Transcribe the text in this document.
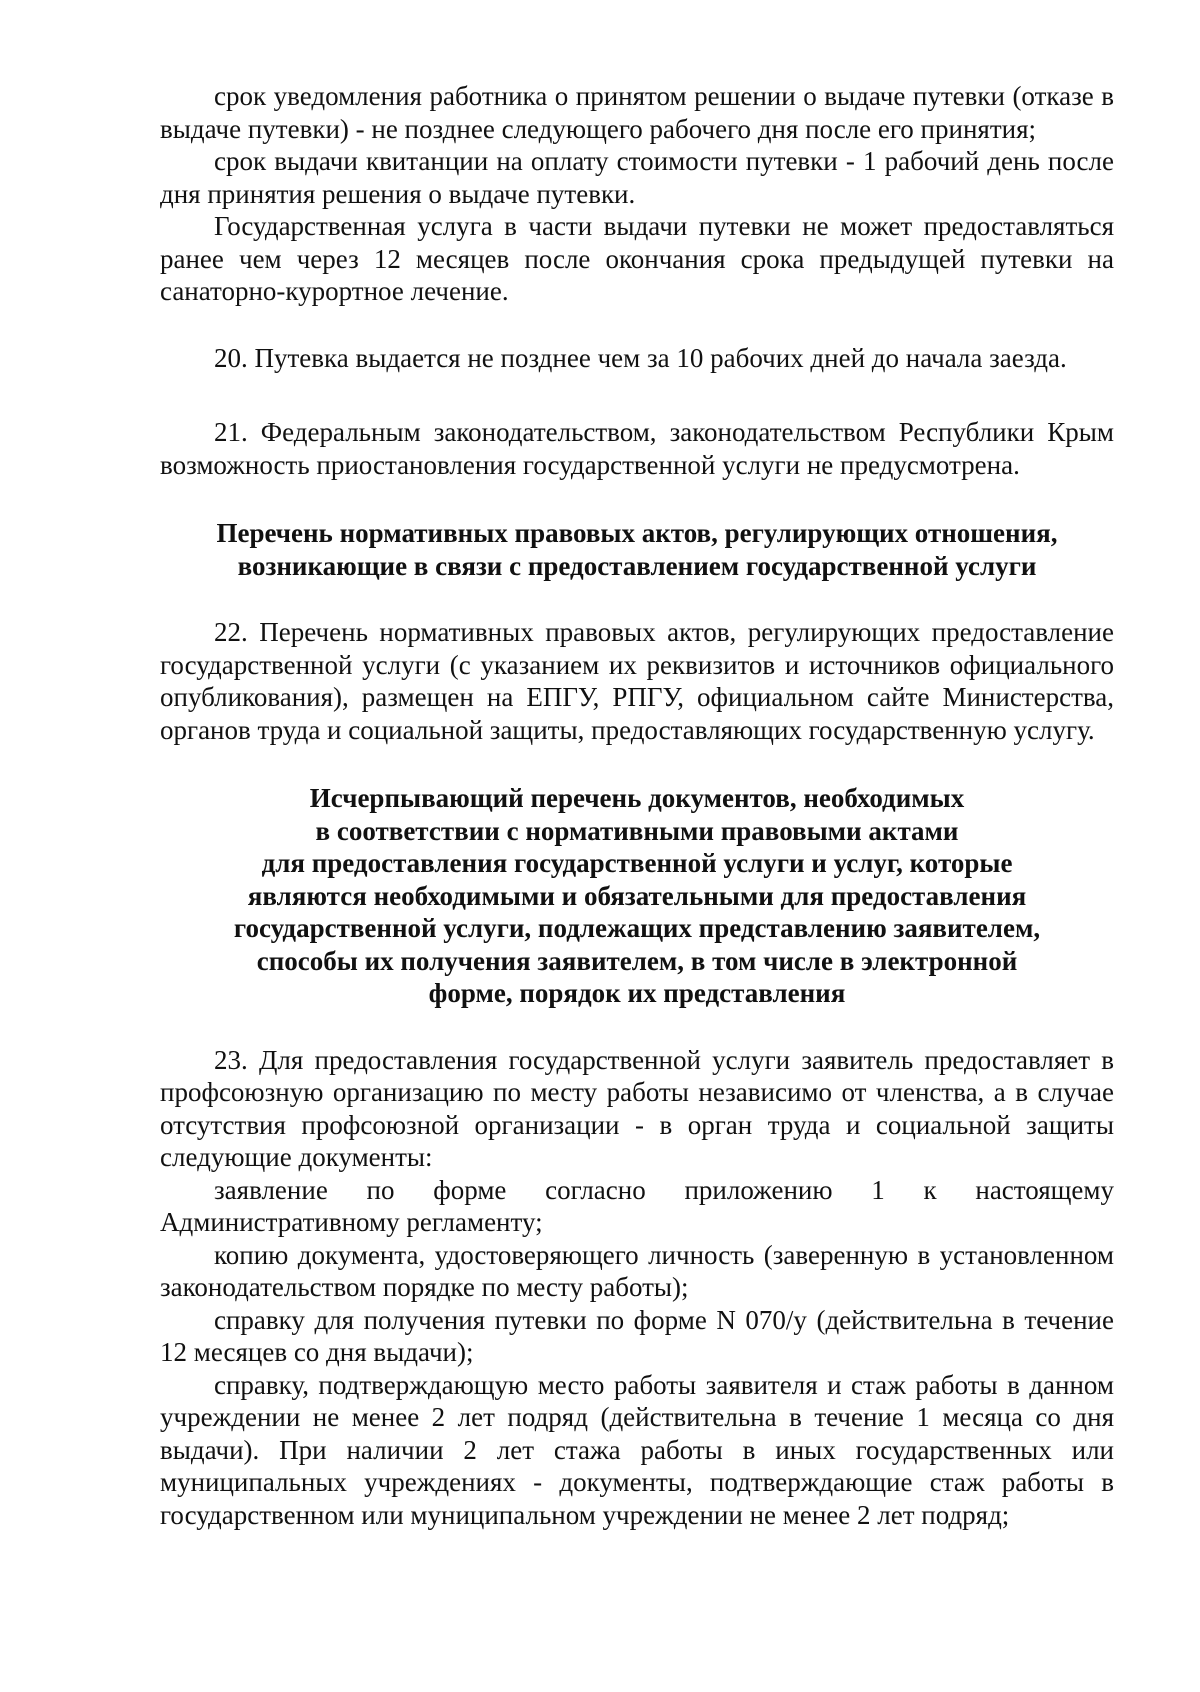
срок уведомления работника о принятом решении о выдаче путевки (отказе в выдаче путевки) - не позднее следующего рабочего дня после его принятия;

срок выдачи квитанции на оплату стоимости путевки - 1 рабочий день после дня принятия решения о выдаче путевки.

Государственная услуга в части выдачи путевки не может предоставляться ранее чем через 12 месяцев после окончания срока предыдущей путевки на санаторно-курортное лечение.

20. Путевка выдается не позднее чем за 10 рабочих дней до начала заезда.

21. Федеральным законодательством, законодательством Республики Крым возможность приостановления государственной услуги не предусмотрена.

Перечень нормативных правовых актов, регулирующих отношения,
возникающие в связи с предоставлением государственной услуги

22. Перечень нормативных правовых актов, регулирующих предоставление государственной услуги (с указанием их реквизитов и источников официального опубликования), размещен на ЕПГУ, РПГУ, официальном сайте Министерства, органов труда и социальной защиты, предоставляющих государственную услугу.

Исчерпывающий перечень документов, необходимых
в соответствии с нормативными правовыми актами
для предоставления государственной услуги и услуг, которые
являются необходимыми и обязательными для предоставления
государственной услуги, подлежащих представлению заявителем,
способы их получения заявителем, в том числе в электронной
форме, порядок их представления

23. Для предоставления государственной услуги заявитель предоставляет в профсоюзную организацию по месту работы независимо от членства, а в случае отсутствия профсоюзной организации - в орган труда и социальной защиты следующие документы:

заявление по форме согласно приложению 1 к настоящему Административному регламенту;

копию документа, удостоверяющего личность (заверенную в установленном законодательством порядке по месту работы);

справку для получения путевки по форме N 070/у (действительна в течение 12 месяцев со дня выдачи);

справку, подтверждающую место работы заявителя и стаж работы в данном учреждении не менее 2 лет подряд (действительна в течение 1 месяца со дня выдачи). При наличии 2 лет стажа работы в иных государственных или муниципальных учреждениях - документы, подтверждающие стаж работы в государственном или муниципальном учреждении не менее 2 лет подряд;
